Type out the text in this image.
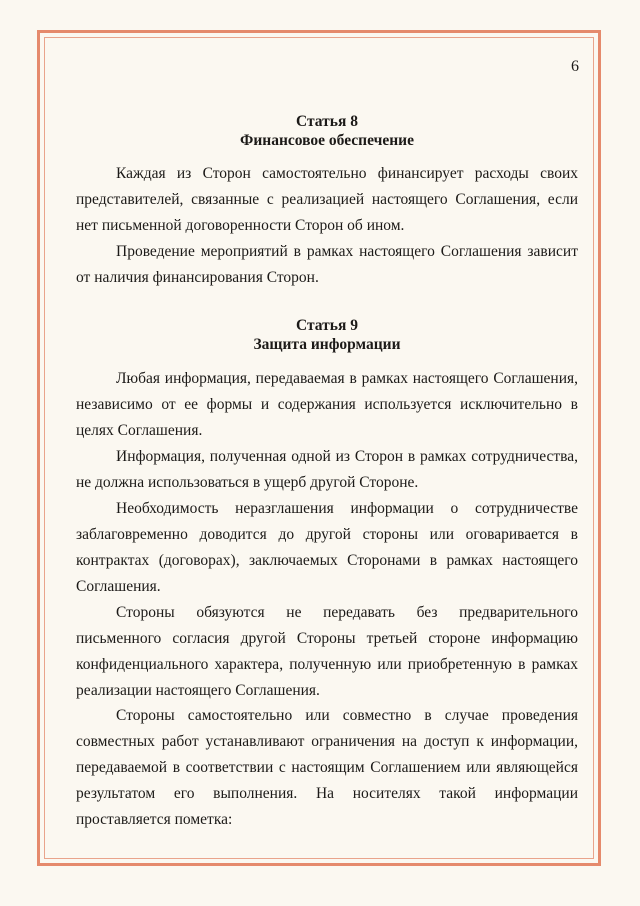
6
Статья 8
Финансовое обеспечение

Каждая из Сторон самостоятельно финансирует расходы своих представителей, связанные с реализацией настоящего Соглашения, если нет письменной договоренности Сторон об ином.

Проведение мероприятий в рамках настоящего Соглашения зависит от наличия финансирования Сторон.

Статья 9
Защита информации

Любая информация, передаваемая в рамках настоящего Соглашения, независимо от ее формы и содержания используется исключительно в целях Соглашения.

Информация, полученная одной из Сторон в рамках сотрудничества, не должна использоваться в ущерб другой Стороне.

Необходимость неразглашения информации о сотрудничестве заблаговременно доводится до другой стороны или оговаривается в контрактах (договорах), заключаемых Сторонами в рамках настоящего Соглашения.

Стороны обязуются не передавать без предварительного письменного согласия другой Стороны третьей стороне информацию конфиденциального характера, полученную или приобретенную в рамках реализации настоящего Соглашения.

Стороны самостоятельно или совместно в случае проведения совместных работ устанавливают ограничения на доступ к информации, передаваемой в соответствии с настоящим Соглашением или являющейся результатом его выполнения. На носителях такой информации проставляется пометка:
